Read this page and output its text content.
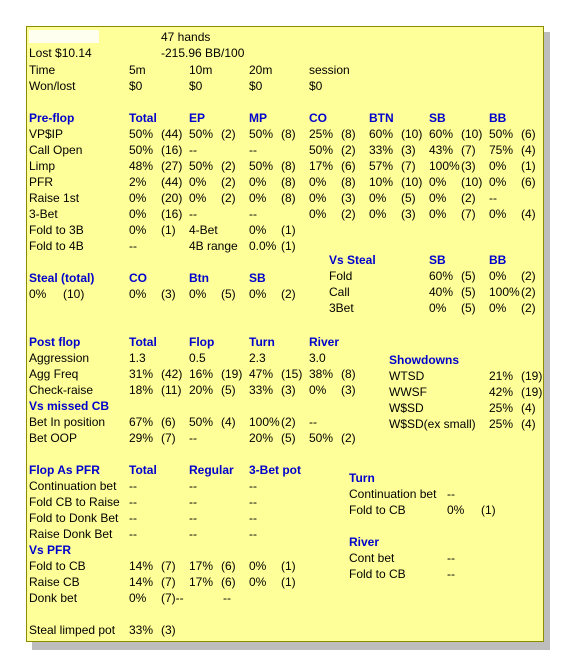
47 hands
Lost $10.14	-215.96 BB/100
Time
Won/lost
5m	10m	20m	session
$0	$0	$0	$0
Pre-flop	Total	EP	MP	CO	BTN	SB	BB
VP$IP	50% (44) 50% (2) 50% (8) 25% (8) 60% (10) 60% (10) 50% (6)
Call Open	50% (16) --	--	50% (2) 33% (3) 43% (7) 75% (4)
Limp	48% (27) 50% (2) 50% (8) 17% (6) 57% (7) 100% (3) 0% (1)
PFR	2% (44) 0% (2) 0% (8) 0% (8) 10% (10) 0% (10) 0% (6)
Raise 1st	0% (20) 0% (2) 0% (8) 0% (3) 0% (5) 0% (2) --
3-Bet	0% (16) --	--	0% (2) 0% (3) 0% (7) 0% (4)
Fold to 3B	0% (1) 4-Bet	0% (1)
Fold to 4B	--	4B range 0.0% (1)
Vs Steal	SB	BB
Fold	60% (5) 0% (2)
Call	40% (5) 100% (2)
3Bet	0% (5) 0% (2)
Steal (total)	CO	Btn	SB
0% (10)	0% (3) 0% (5) 0% (2)
Post flop	Total	Flop	Turn	River
Aggression	1.3	0.5	2.3	3.0
Agg Freq	31% (42) 16% (19) 47% (15) 38% (8)
Check-raise	18% (11) 20% (5) 33% (3) 0% (3)
Vs missed CB
Bet In position 67% (6) 50% (4) 100% (2) --
Bet OOP	29% (7) --	20% (5) 50% (2)
Showdowns
WTSD	21% (19)
WWSF	42% (19)
W$SD	25% (4)
W$SD(ex small) 25% (4)
Flop As PFR Total	Regular 3-Bet pot
Continuation bet --	--	--
Fold CB to Raise --	--	--
Fold to Donk Bet --	--	--
Raise Donk Bet --	--	--
Vs PFR
Fold to CB	14% (7) 17% (6) 0% (1)
Raise CB	14% (7) 17% (6) 0% (1)
Donk bet	0% (7)--	--
Turn
Continuation bet --
Fold to CB	0% (1)
River
Cont bet	--
Fold to CB	--
Steal limped pot 33% (3)
